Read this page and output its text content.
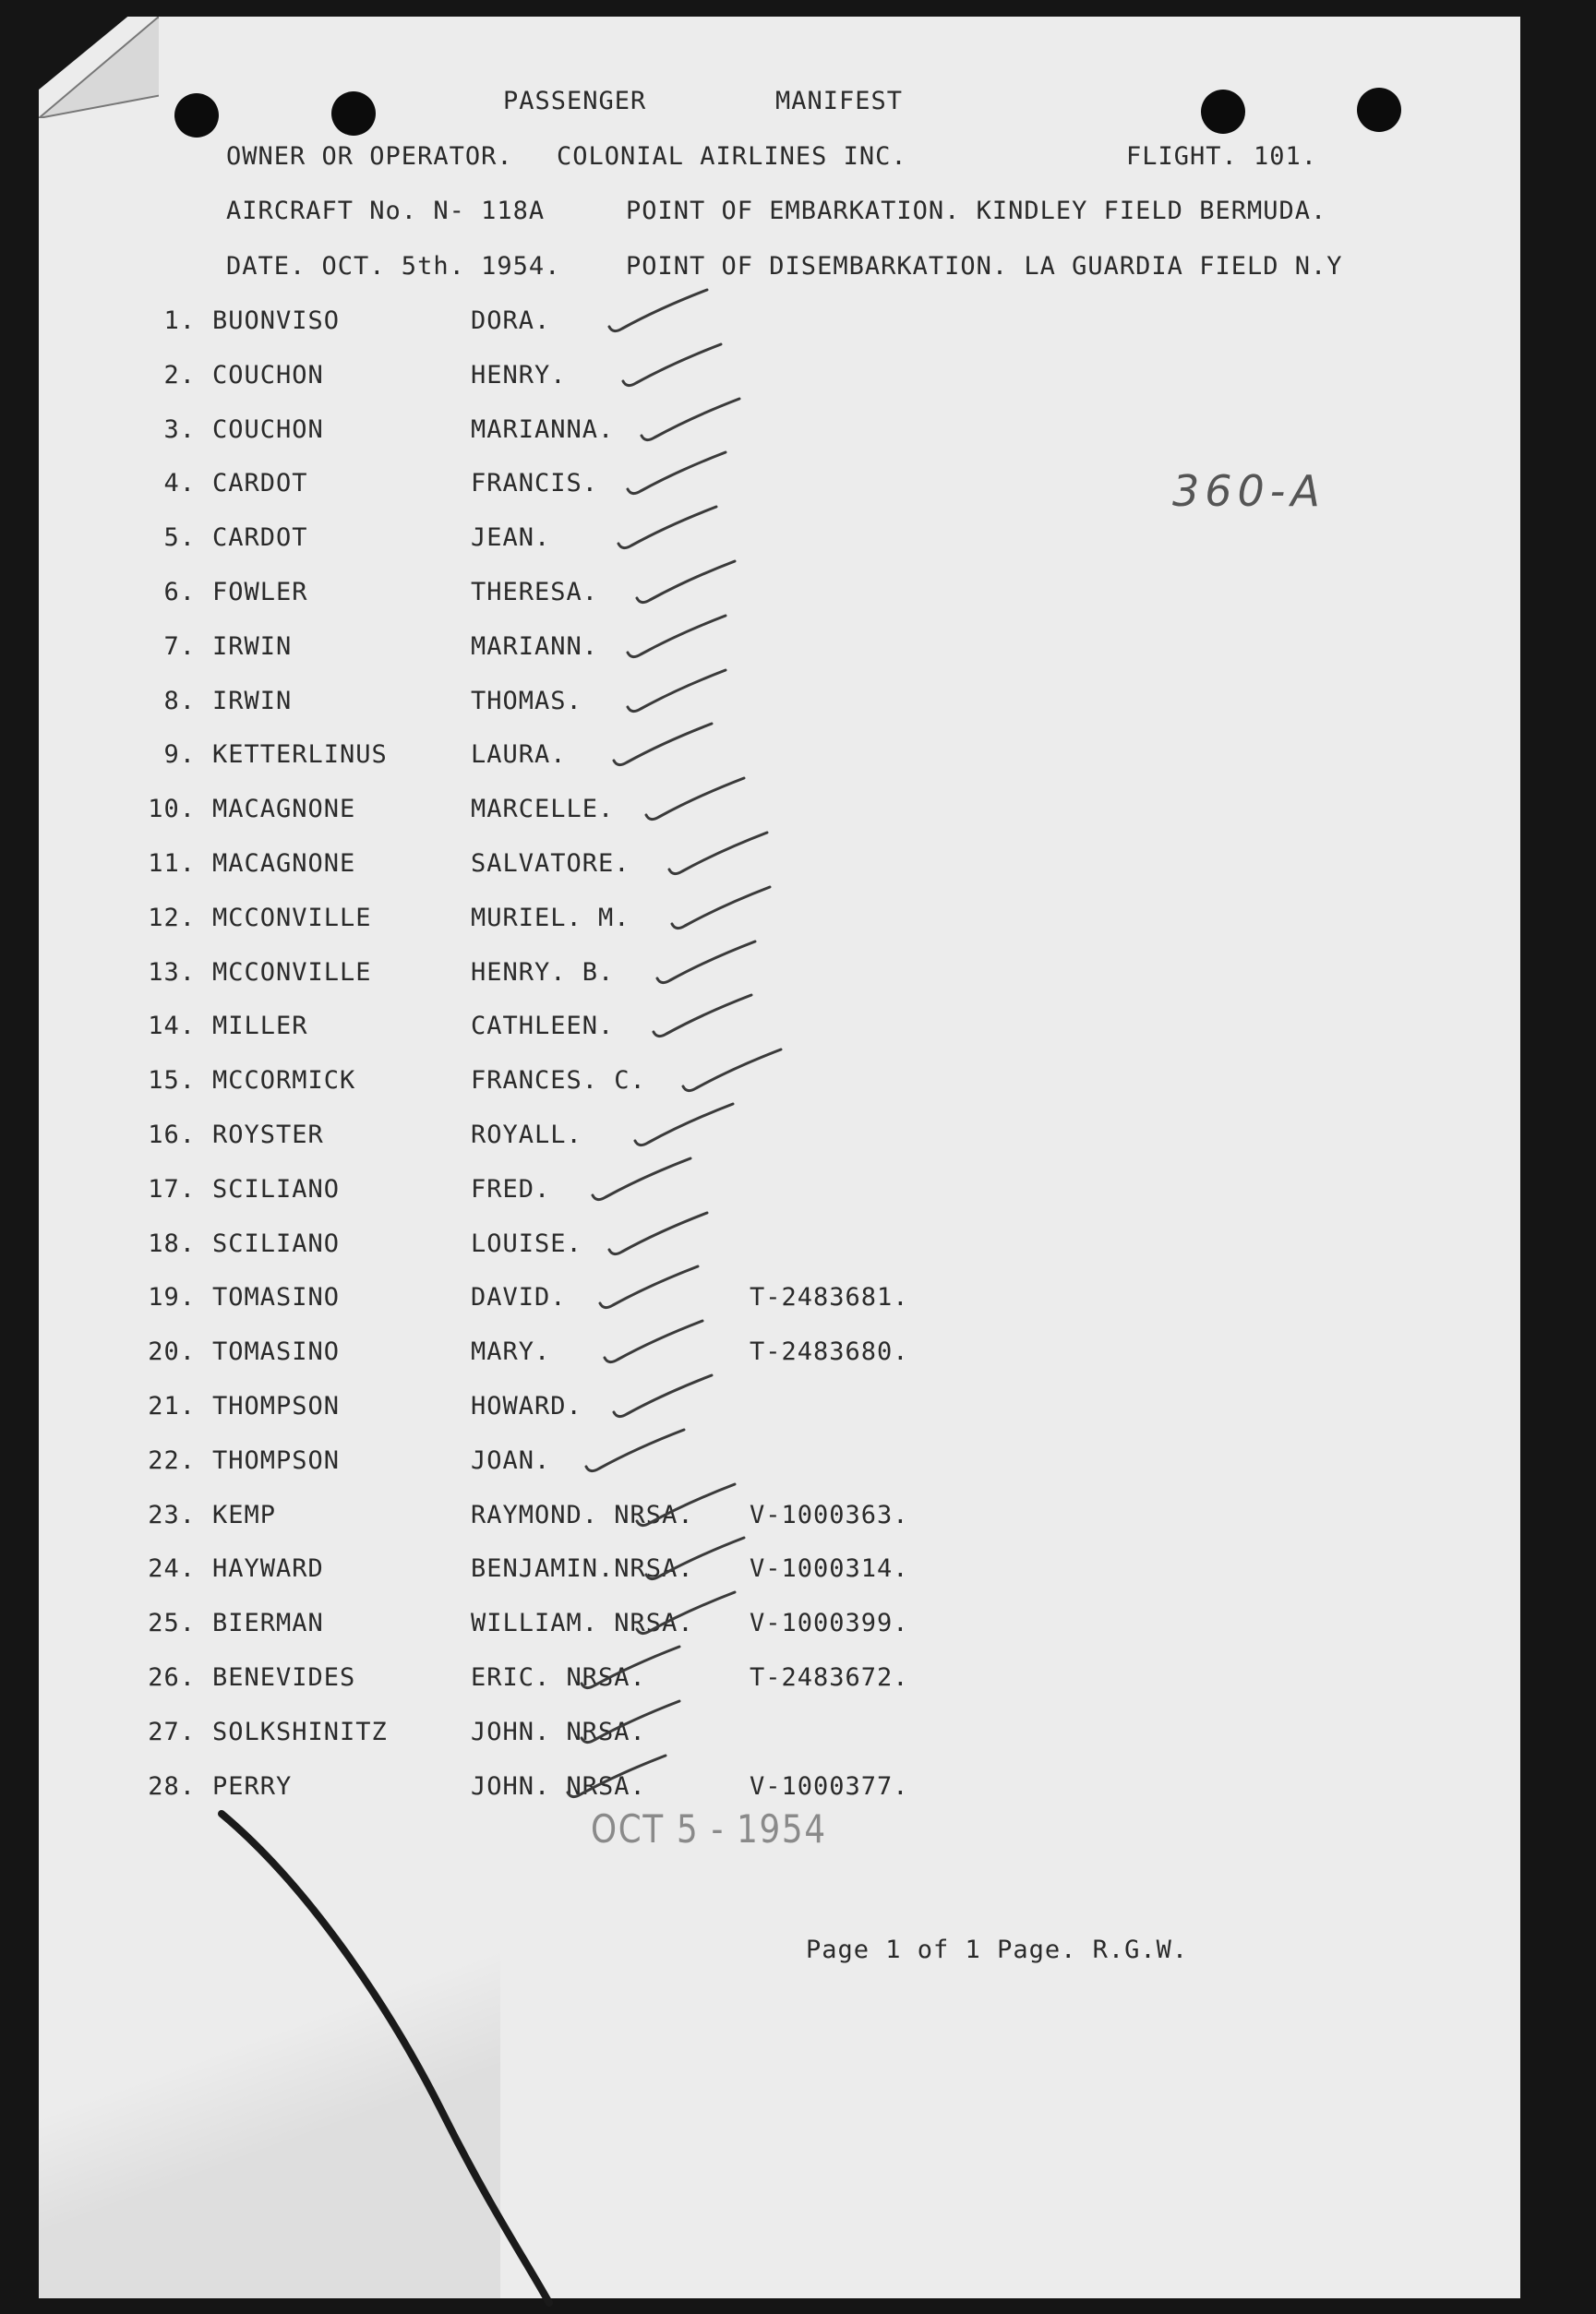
PASSENGER	MANIFEST
OWNER OR OPERATOR. COLONIAL AIRLINES INC.	FLIGHT. 101.
AIRCRAFT No. N- 118A	POINT OF EMBARKATION. KINDLEY FIELD BERMUDA.
DATE. OCT. 5th. 1954.	POINT OF DISEMBARKATION. LA GUARDIA FIELD N.Y
360-A
1. BUONVISO	DORA.
2. COUCHON	HENRY.
3. COUCHON	MARIANNA.
4. CARDOT	FRANCIS.
5. CARDOT	JEAN.
6. FOWLER	THERESA.
7. IRWIN	MARIANN.
8. IRWIN	THOMAS.
9. KETTERLINUS	LAURA.
10. MACAGNONE	MARCELLE.
11. MACAGNONE	SALVATORE.
12. MCCONVILLE	MURIEL. M.
13. MCCONVILLE	HENRY. B.
14. MILLER	CATHLEEN.
15. MCCORMICK	FRANCES. C.
16. ROYSTER	ROYALL.
17. SCILIANO	FRED.
18. SCILIANO	LOUISE.
19. TOMASINO	DAVID.	T-2483681.
20. TOMASINO	MARY.	T-2483680.
21. THOMPSON	HOWARD.
22. THOMPSON	JOAN.
23. KEMP	RAYMOND. NRSA. V-1000363.
24. HAYWARD	BENJAMIN.NRSA. V-1000314.
25. BIERMAN	WILLIAM. NRSA. V-1000399.
26. BENEVIDES	ERIC. NRSA.	T-2483672.
27. SOLKSHINITZ	JOHN. NRSA.
28. PERRY	JOHN. NRSA.	V-1000377.
OCT 5 - 1954
Page 1 of 1 Page. R.G.W.
